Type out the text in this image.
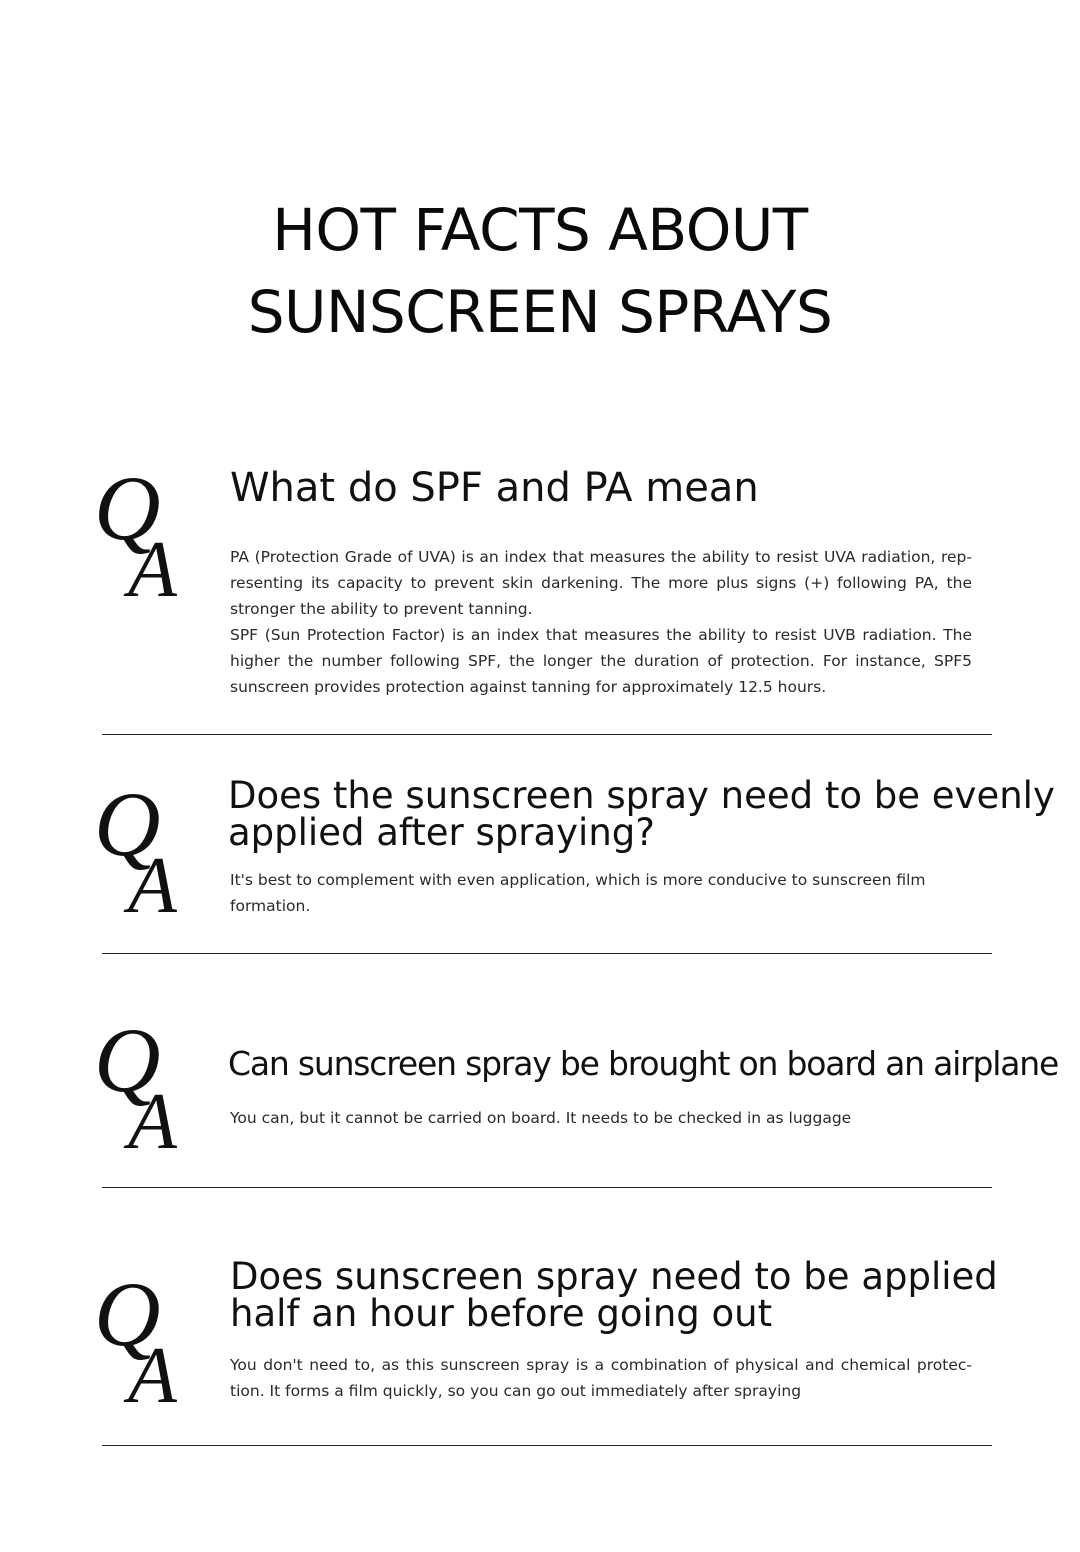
HOT FACTS ABOUT
SUNSCREEN SPRAYS
Q
A
What do SPF and PA mean

PA (Protection Grade of UVA) is an index that measures the ability to resist UVA radiation, rep-resenting its capacity to prevent skin darkening. The more plus signs (+) following PA, the stronger the ability to prevent tanning.

SPF (Sun Protection Factor) is an index that measures the ability to resist UVB radiation. The higher the number following SPF, the longer the duration of protection. For instance, SPF5 sunscreen provides protection against tanning for approximately 12.5 hours.

Q
A
Does the sunscreen spray need to be evenly
applied after spraying?
It's best to complement with even application, which is more conducive to sunscreen film formation.
Q
A
Can sunscreen spray be brought on board an airplane
You can, but it cannot be carried on board. It needs to be checked in as luggage
Q
A
Does sunscreen spray need to be applied
half an hour before going out
You don't need to, as this sunscreen spray is a combination of physical and chemical protec-tion. It forms a film quickly, so you can go out immediately after spraying
